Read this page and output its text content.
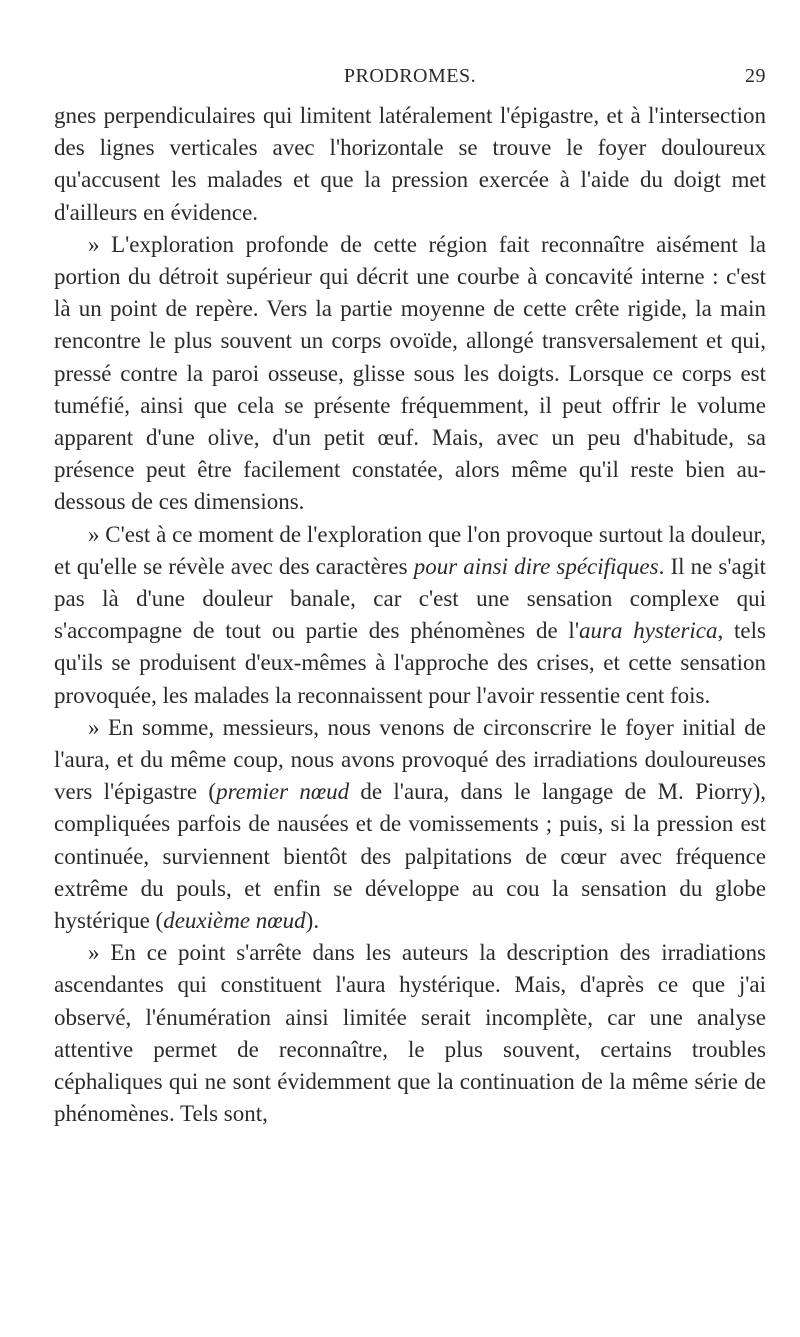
PRODROMES.	29

gnes perpendiculaires qui limitent latéralement l'épigastre, et à l'intersection des lignes verticales avec l'horizontale se trouve le foyer douloureux qu'accusent les malades et que la pression exercée à l'aide du doigt met d'ailleurs en évidence.

» L'exploration profonde de cette région fait reconnaître aisément la portion du détroit supérieur qui décrit une courbe à concavité interne : c'est là un point de repère. Vers la partie moyenne de cette crête rigide, la main rencontre le plus souvent un corps ovoïde, allongé transversalement et qui, pressé contre la paroi osseuse, glisse sous les doigts. Lorsque ce corps est tuméfié, ainsi que cela se présente fréquemment, il peut offrir le volume apparent d'une olive, d'un petit œuf. Mais, avec un peu d'habitude, sa présence peut être facilement constatée, alors même qu'il reste bien au-dessous de ces dimensions.

» C'est à ce moment de l'exploration que l'on provoque surtout la douleur, et qu'elle se révèle avec des caractères pour ainsi dire spécifiques. Il ne s'agit pas là d'une douleur banale, car c'est une sensation complexe qui s'accompagne de tout ou partie des phénomènes de l'aura hysterica, tels qu'ils se produisent d'eux-mêmes à l'approche des crises, et cette sensation provoquée, les malades la reconnaissent pour l'avoir ressentie cent fois.

» En somme, messieurs, nous venons de circonscrire le foyer initial de l'aura, et du même coup, nous avons provoqué des irradiations douloureuses vers l'épigastre (premier nœud de l'aura, dans le langage de M. Piorry), compliquées parfois de nausées et de vomissements ; puis, si la pression est continuée, surviennent bientôt des palpitations de cœur avec fréquence extrême du pouls, et enfin se développe au cou la sensation du globe hystérique (deuxième nœud).

» En ce point s'arrête dans les auteurs la description des irradiations ascendantes qui constituent l'aura hystérique. Mais, d'après ce que j'ai observé, l'énumération ainsi limitée serait incomplète, car une analyse attentive permet de reconnaître, le plus souvent, certains troubles céphaliques qui ne sont évidemment que la continuation de la même série de phénomènes. Tels sont,
